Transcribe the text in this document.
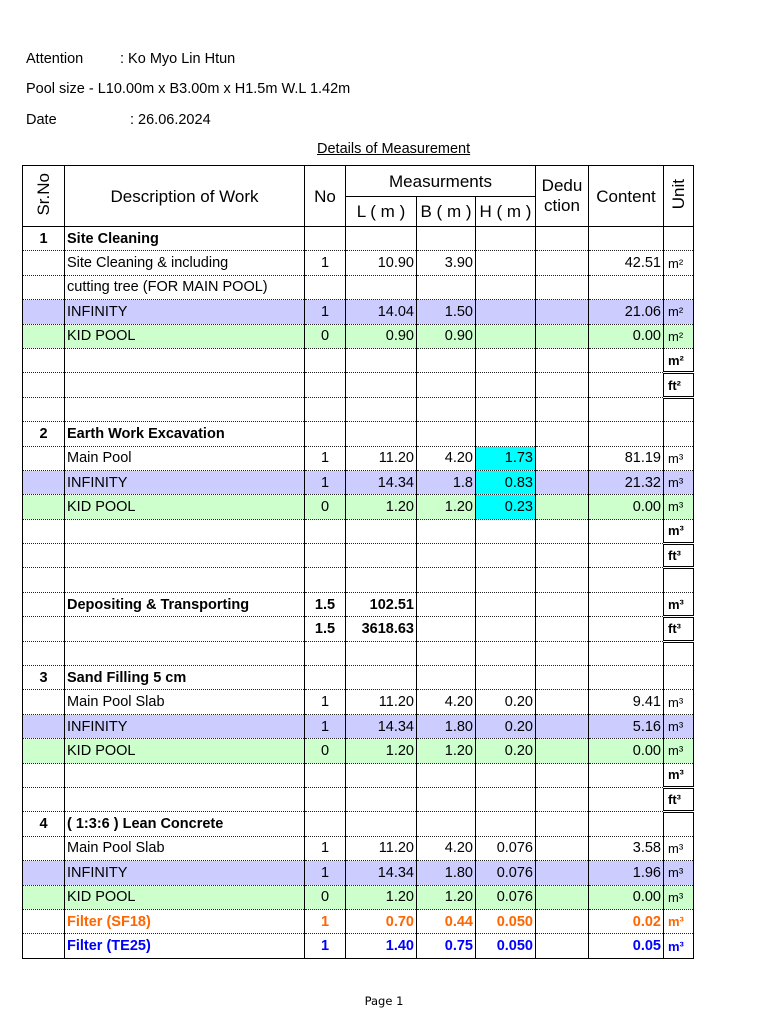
Attention	: Ko Myo Lin Htun
Pool size - L10.00m x B3.00m x H1.5m W.L 1.42m
Date	: 26.06.2024
Details of Measurement
Sr.No	Description of Work	No	Measurments			Dedu ction	Content	Unit
			L ( m )	B ( m )	H ( m )			
1	Site Cleaning							
	Site Cleaning & including	1	10.90	3.90			42.51	m²
	cutting tree (FOR MAIN POOL)							
	INFINITY	1	14.04	1.50			21.06	m²
	KID POOL	0	0.90	0.90			0.00	m²
								m²
								ft²

2	Earth Work Excavation							
	Main Pool	1	11.20	4.20	1.73		81.19	m³
	INFINITY	1	14.34	1.8	0.83		21.32	m³
	KID POOL	0	1.20	1.20	0.23		0.00	m³
								m³
								ft³

	Depositing & Transporting	1.5	102.51					m³
		1.5	3618.63					ft³

3	Sand Filling 5 cm							
	Main Pool Slab	1	11.20	4.20	0.20		9.41	m³
	INFINITY	1	14.34	1.80	0.20		5.16	m³
	KID POOL	0	1.20	1.20	0.20		0.00	m³
								m³
								ft³
4	( 1:3:6 ) Lean Concrete							
	Main Pool Slab	1	11.20	4.20	0.076		3.58	m³
	INFINITY	1	14.34	1.80	0.076		1.96	m³
	KID POOL	0	1.20	1.20	0.076		0.00	m³
	Filter (SF18)	1	0.70	0.44	0.050		0.02	m³
	Filter (TE25)	1	1.40	0.75	0.050		0.05	m³
Page 1
